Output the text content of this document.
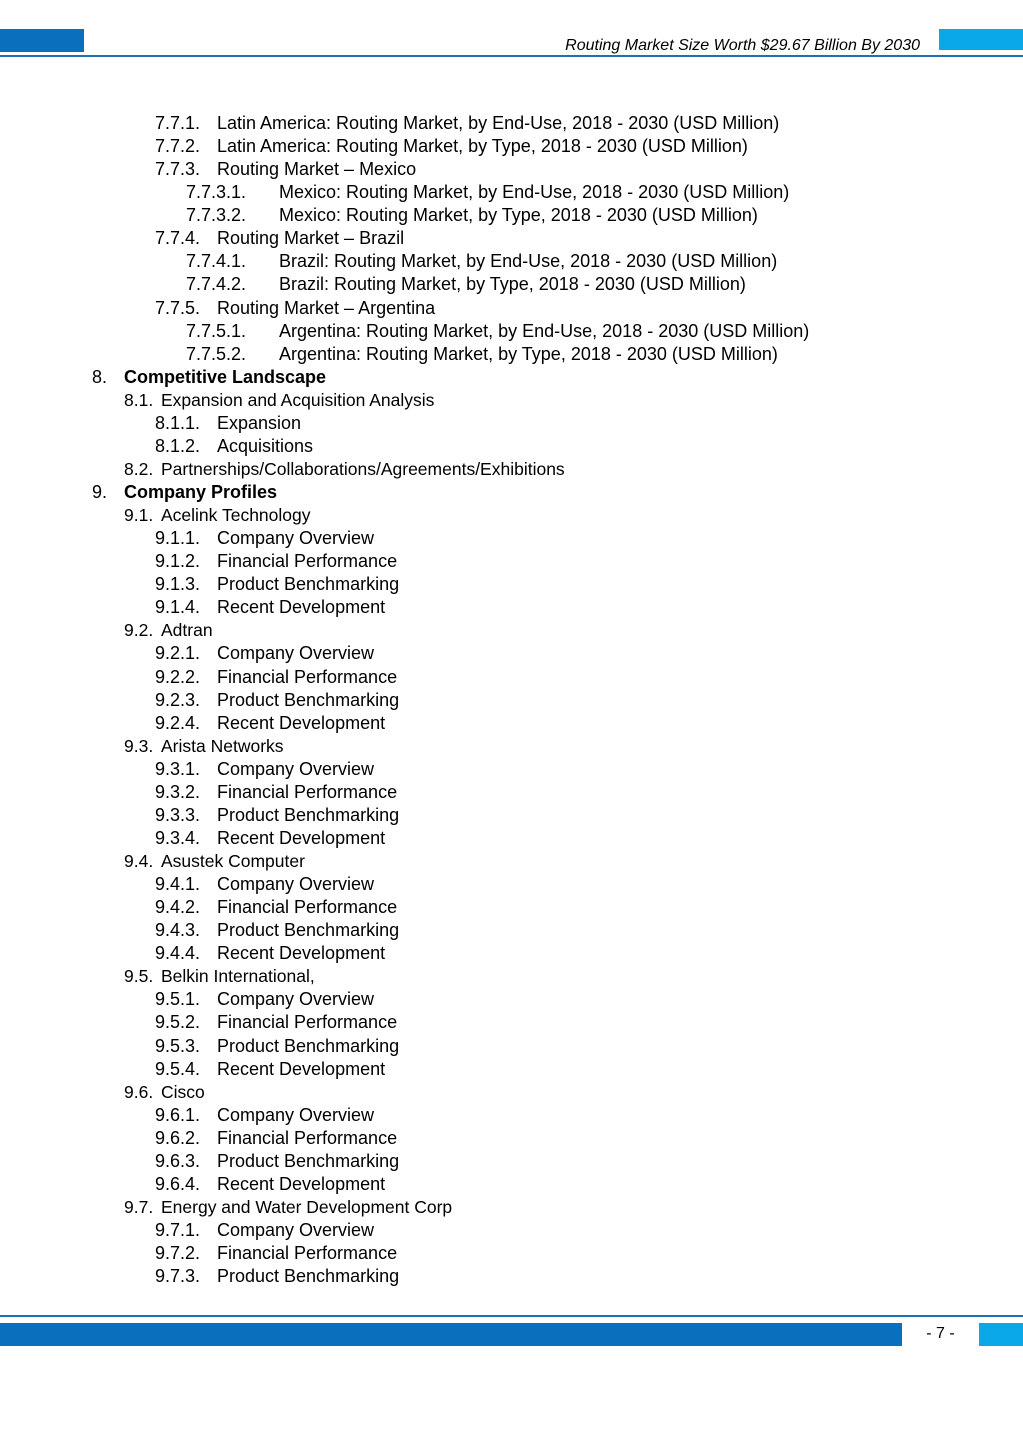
Routing Market Size Worth $29.67 Billion By 2030
7.7.1. Latin America: Routing Market, by End-Use, 2018 - 2030 (USD Million)
7.7.2. Latin America: Routing Market, by Type, 2018 - 2030 (USD Million)
7.7.3. Routing Market – Mexico
7.7.3.1. Mexico: Routing Market, by End-Use, 2018 - 2030 (USD Million)
7.7.3.2. Mexico: Routing Market, by Type, 2018 - 2030 (USD Million)
7.7.4. Routing Market – Brazil
7.7.4.1. Brazil: Routing Market, by End-Use, 2018 - 2030 (USD Million)
7.7.4.2. Brazil: Routing Market, by Type, 2018 - 2030 (USD Million)
7.7.5. Routing Market – Argentina
7.7.5.1. Argentina: Routing Market, by End-Use, 2018 - 2030 (USD Million)
7.7.5.2. Argentina: Routing Market, by Type, 2018 - 2030 (USD Million)
8. Competitive Landscape
8.1. Expansion and Acquisition Analysis
8.1.1. Expansion
8.1.2. Acquisitions
8.2. Partnerships/Collaborations/Agreements/Exhibitions
9. Company Profiles
9.1. Acelink Technology
9.1.1. Company Overview
9.1.2. Financial Performance
9.1.3. Product Benchmarking
9.1.4. Recent Development
9.2. Adtran
9.2.1. Company Overview
9.2.2. Financial Performance
9.2.3. Product Benchmarking
9.2.4. Recent Development
9.3. Arista Networks
9.3.1. Company Overview
9.3.2. Financial Performance
9.3.3. Product Benchmarking
9.3.4. Recent Development
9.4. Asustek Computer
9.4.1. Company Overview
9.4.2. Financial Performance
9.4.3. Product Benchmarking
9.4.4. Recent Development
9.5. Belkin International,
9.5.1. Company Overview
9.5.2. Financial Performance
9.5.3. Product Benchmarking
9.5.4. Recent Development
9.6. Cisco
9.6.1. Company Overview
9.6.2. Financial Performance
9.6.3. Product Benchmarking
9.6.4. Recent Development
9.7. Energy and Water Development Corp
9.7.1. Company Overview
9.7.2. Financial Performance
9.7.3. Product Benchmarking
- 7 -
